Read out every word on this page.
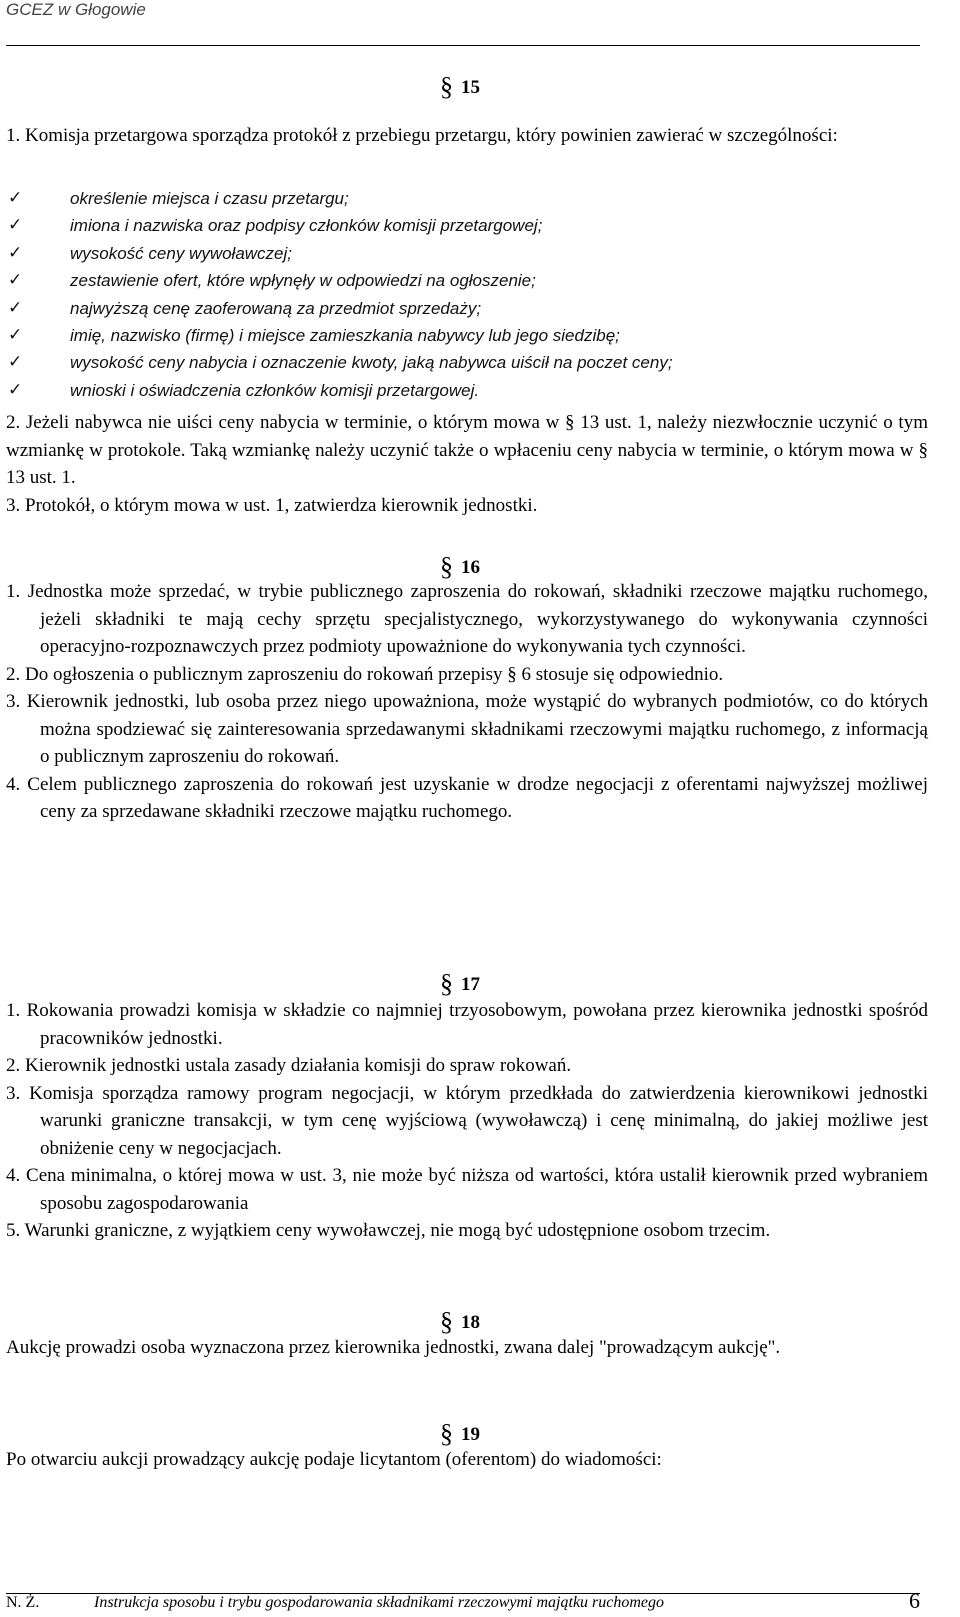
GCEZ w Głogowie
§ 15

1. Komisja przetargowa sporządza protokół z przebiegu przetargu, który powinien zawierać w szczególności:

✓	określenie miejsca i czasu przetargu;
✓	imiona i nazwiska oraz podpisy członków komisji przetargowej;
✓	wysokość ceny wywoławczej;
✓	zestawienie ofert, które wpłynęły w odpowiedzi na ogłoszenie;
✓	najwyższą cenę zaoferowaną za przedmiot sprzedaży;
✓	imię, nazwisko (firmę) i miejsce zamieszkania nabywcy lub jego siedzibę;
✓	wysokość ceny nabycia i oznaczenie kwoty, jaką nabywca uiścił na poczet ceny;
✓	wnioski i oświadczenia członków komisji przetargowej.

2. Jeżeli nabywca nie uiści ceny nabycia w terminie, o którym mowa w § 13 ust. 1, należy niezwłocznie uczynić o tym wzmiankę w protokole. Taką wzmiankę należy uczynić także o wpłaceniu ceny nabycia w terminie, o którym mowa w § 13 ust. 1.

3. Protokół, o którym mowa w ust. 1, zatwierdza kierownik jednostki.

§ 16

1. Jednostka może sprzedać, w trybie publicznego zaproszenia do rokowań, składniki rzeczowe majątku ruchomego, jeżeli składniki te mają cechy sprzętu specjalistycznego, wykorzystywanego do wykonywania czynności operacyjno-rozpoznawczych przez podmioty upoważnione do wykonywania tych czynności.

2. Do ogłoszenia o publicznym zaproszeniu do rokowań przepisy § 6 stosuje się odpowiednio.

3. Kierownik jednostki, lub osoba przez niego upoważniona, może wystąpić do wybranych podmiotów, co do których można spodziewać się zainteresowania sprzedawanymi składnikami rzeczowymi majątku ruchomego, z informacją o publicznym zaproszeniu do rokowań.

4. Celem publicznego zaproszenia do rokowań jest uzyskanie w drodze negocjacji z oferentami najwyższej możliwej ceny za sprzedawane składniki rzeczowe majątku ruchomego.

§ 17

1. Rokowania prowadzi komisja w składzie co najmniej trzyosobowym, powołana przez kierownika jednostki spośród pracowników jednostki.

2. Kierownik jednostki ustala zasady działania komisji do spraw rokowań.

3. Komisja sporządza ramowy program negocjacji, w którym przedkłada do zatwierdzenia kierownikowi jednostki warunki graniczne transakcji, w tym cenę wyjściową (wywoławczą) i cenę minimalną, do jakiej możliwe jest obniżenie ceny w negocjacjach.

4. Cena minimalna, o której mowa w ust. 3, nie może być niższa od wartości, która ustalił kierownik przed wybraniem sposobu zagospodarowania

5. Warunki graniczne, z wyjątkiem ceny wywoławczej, nie mogą być udostępnione osobom trzecim.

§ 18

Aukcję prowadzi osoba wyznaczona przez kierownika jednostki, zwana dalej "prowadzącym aukcję".

§ 19

Po otwarciu aukcji prowadzący aukcję podaje licytantom (oferentom) do wiadomości:

N. Ż.	Instrukcja sposobu i trybu gospodarowania składnikami rzeczowymi majątku ruchomego	6
